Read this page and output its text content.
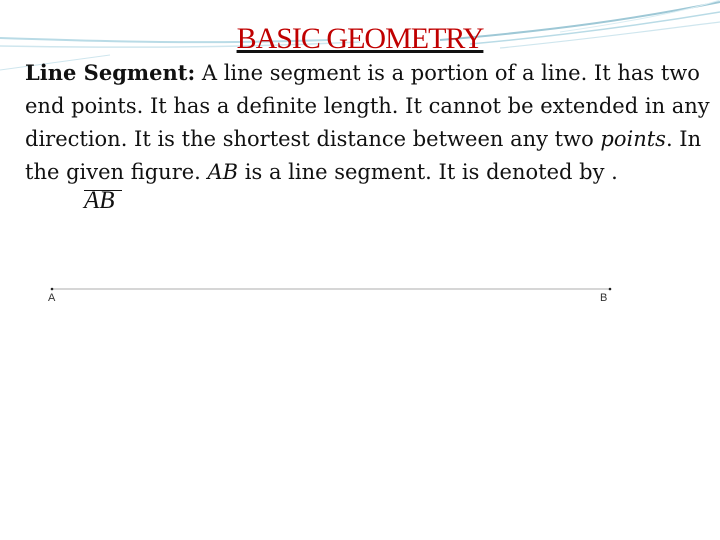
BASIC GEOMETRY
Line Segment: A line segment is a portion of a line. It has two end points. It has a definite length. It cannot be extended in any direction. It is the shortest distance between any two points. In the given figure. AB is a line segment. It is denoted by .
AB
A	B
